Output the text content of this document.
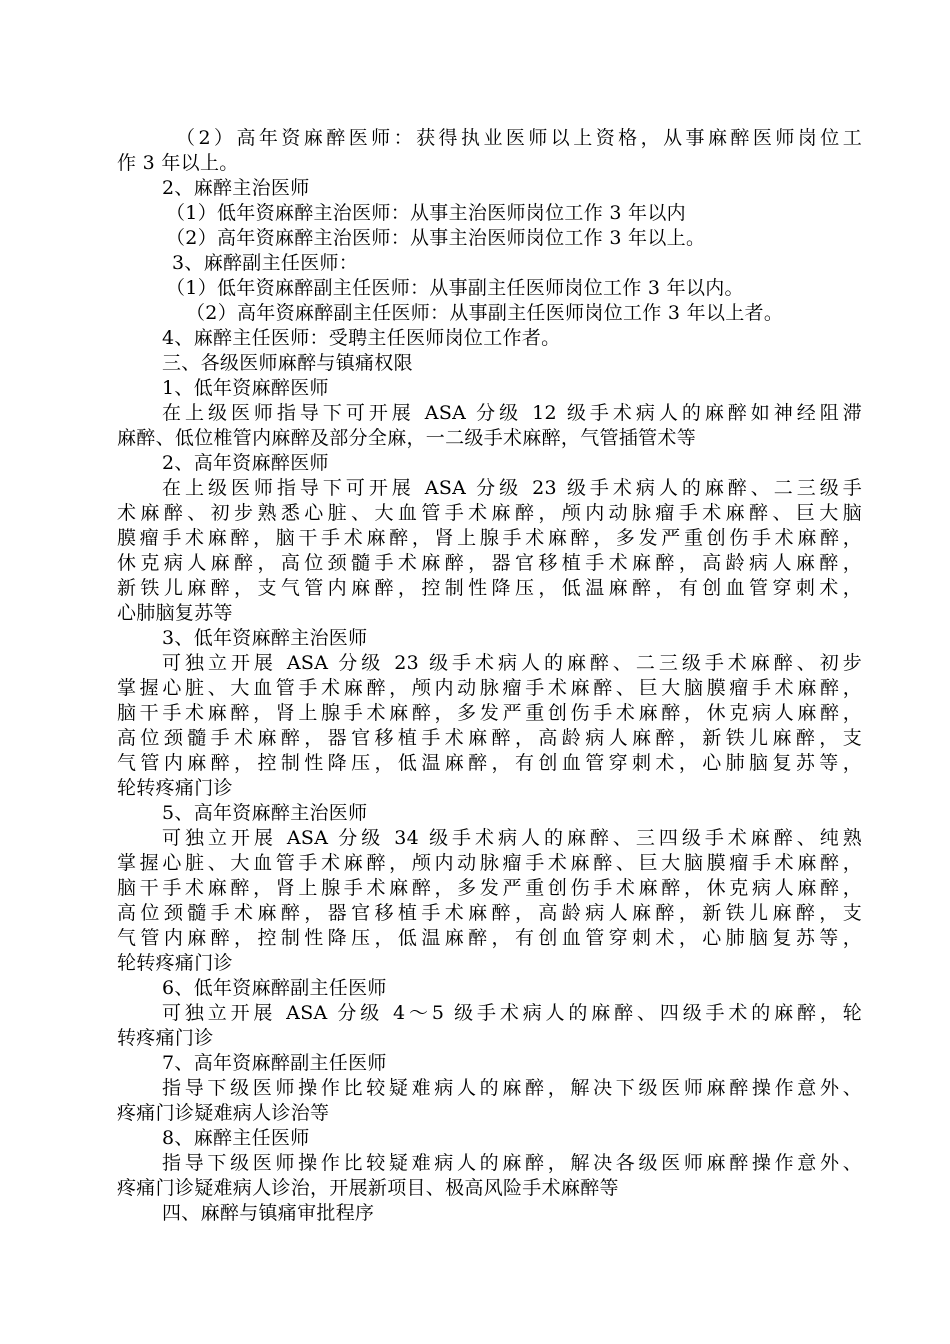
（2）高年资麻醉医师：获得执业医师以上资格，从事麻醉医师岗位工
作 3 年以上。
2、麻醉主治医师
（1）低年资麻醉主治医师：从事主治医师岗位工作 3 年以内
（2）高年资麻醉主治医师：从事主治医师岗位工作 3 年以上。
3、麻醉副主任医师：
（1）低年资麻醉副主任医师：从事副主任医师岗位工作 3 年以内。
（2）高年资麻醉副主任医师：从事副主任医师岗位工作 3 年以上者。
4、麻醉主任医师：受聘主任医师岗位工作者。
三、各级医师麻醉与镇痛权限
1、低年资麻醉医师
在上级医师指导下可开展 ASA 分级 12 级手术病人的麻醉如神经阻滞
麻醉、低位椎管内麻醉及部分全麻，一二级手术麻醉，气管插管术等
2、高年资麻醉医师
在上级医师指导下可开展 ASA 分级 23 级手术病人的麻醉、二三级手
术麻醉、初步熟悉心脏、大血管手术麻醉，颅内动脉瘤手术麻醉、巨大脑
膜瘤手术麻醉，脑干手术麻醉，肾上腺手术麻醉，多发严重创伤手术麻醉，
休克病人麻醉，高位颈髓手术麻醉，器官移植手术麻醉，高龄病人麻醉，
新铁儿麻醉，支气管内麻醉，控制性降压，低温麻醉，有创血管穿刺术，
心肺脑复苏等
3、低年资麻醉主治医师
可独立开展 ASA 分级 23 级手术病人的麻醉、二三级手术麻醉、初步
掌握心脏、大血管手术麻醉，颅内动脉瘤手术麻醉、巨大脑膜瘤手术麻醉，
脑干手术麻醉，肾上腺手术麻醉，多发严重创伤手术麻醉，休克病人麻醉，
高位颈髓手术麻醉，器官移植手术麻醉，高龄病人麻醉，新铁儿麻醉，支
气管内麻醉，控制性降压，低温麻醉，有创血管穿刺术，心肺脑复苏等，
轮转疼痛门诊
5、高年资麻醉主治医师
可独立开展 ASA 分级 34 级手术病人的麻醉、三四级手术麻醉、纯熟
掌握心脏、大血管手术麻醉，颅内动脉瘤手术麻醉、巨大脑膜瘤手术麻醉，
脑干手术麻醉，肾上腺手术麻醉，多发严重创伤手术麻醉，休克病人麻醉，
高位颈髓手术麻醉，器官移植手术麻醉，高龄病人麻醉，新铁儿麻醉，支
气管内麻醉，控制性降压，低温麻醉，有创血管穿刺术，心肺脑复苏等，
轮转疼痛门诊
6、低年资麻醉副主任医师
可独立开展 ASA 分级 4～5 级手术病人的麻醉、四级手术的麻醉，轮
转疼痛门诊
7、高年资麻醉副主任医师
指导下级医师操作比较疑难病人的麻醉，解决下级医师麻醉操作意外、
疼痛门诊疑难病人诊治等
8、麻醉主任医师
指导下级医师操作比较疑难病人的麻醉，解决各级医师麻醉操作意外、
疼痛门诊疑难病人诊治，开展新项目、极高风险手术麻醉等
四、麻醉与镇痛审批程序
